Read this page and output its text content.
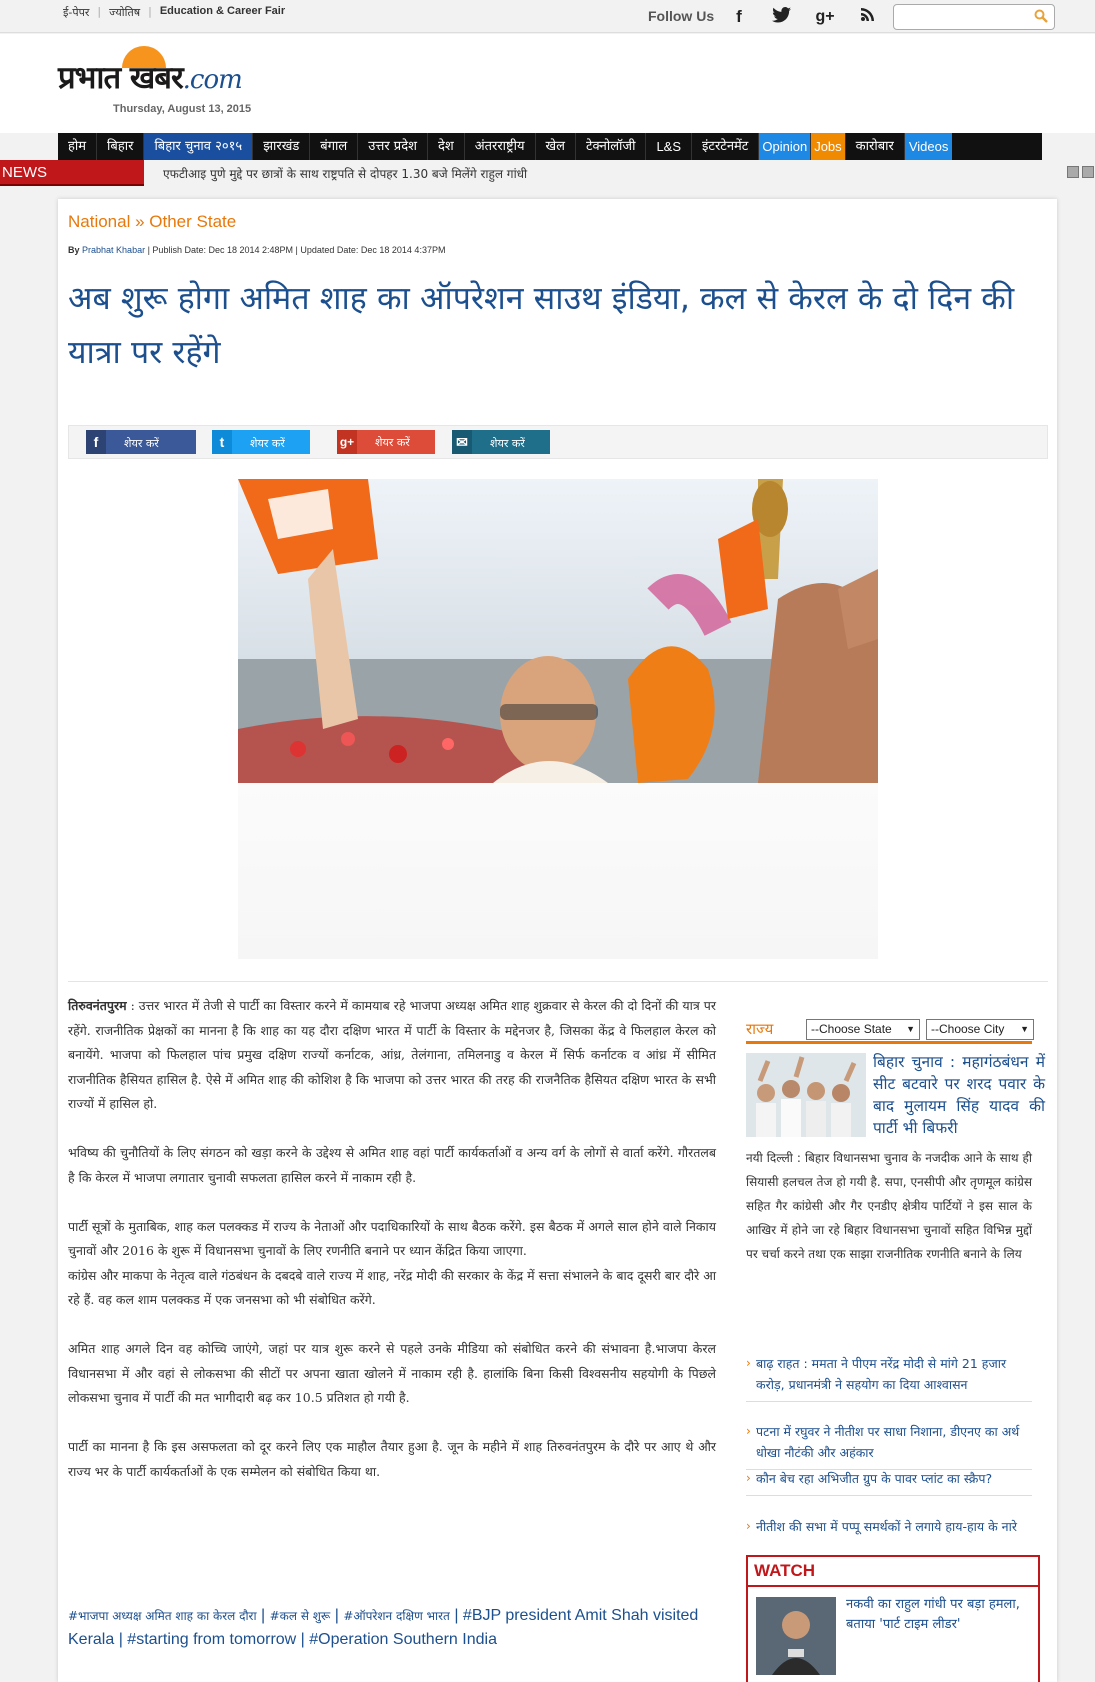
ई-पेपर | ज्योतिष | Education & Career Fair	Follow Us	f	g+
प्रभात खबर.com
Thursday, August 13, 2015
होम	बिहार	बिहार चुनाव २०१५	झारखंड	बंगाल	उत्तर प्रदेश	देश	अंतरराष्ट्रीय	खेल	टेक्नोलॉजी	L&S	इंटरटेनमेंट	Opinion Jobs	कारोबार	Videos
NEWS	एफटीआइ पुणे मुद्दे पर छात्रों के साथ राष्ट्रपति से दोपहर 1.30 बजे मिलेंगे राहुल गांधी
National » Other State
By Prabhat Khabar | Publish Date: Dec 18 2014 2:48PM | Updated Date: Dec 18 2014 4:37PM
अब शुरू होगा अमित शाह का ऑपरेशन साउथ इंडिया, कल से केरल के दो दिन की यात्रा पर रहेंगे
f शेयर करें	t शेयर करें	g+ शेयर करें	✉ शेयर करें

तिरुवनंतपुरम : उत्तर भारत में तेजी से पार्टी का विस्तार करने में कामयाब रहे भाजपा अध्यक्ष अमित शाह शुक्रवार से केरल की दो दिनों की यात्र पर रहेंगे. राजनीतिक प्रेक्षकों का मानना है कि शाह का यह दौरा दक्षिण भारत में पार्टी के विस्तार के मद्देनजर है, जिसका केंद्र वे फिलहाल केरल को बनायेंगे. भाजपा को फिलहाल पांच प्रमुख दक्षिण राज्यों कर्नाटक, आंध्र, तेलंगाना, तमिलनाडु व केरल में सिर्फ कर्नाटक व आंध्र में सीमित राजनीतिक हैसियत हासिल है. ऐसे में अमित शाह की कोशिश है कि भाजपा को उत्तर भारत की तरह की राजनैतिक हैसियत दक्षिण भारत के सभी राज्यों में हासिल हो.

भविष्य की चुनौतियों के लिए संगठन को खड़ा करने के उद्देश्य से अमित शाह वहां पार्टी कार्यकर्ताओं व अन्य वर्ग के लोगों से वार्ता करेंगे. गौरतलब है कि केरल में भाजपा लगातार चुनावी सफलता हासिल करने में नाकाम रही है.

पार्टी सूत्रों के मुताबिक, शाह कल पलक्कड में राज्य के नेताओं और पदाधिकारियों के साथ बैठक करेंगे. इस बैठक में अगले साल होने वाले निकाय चुनावों और 2016 के शुरू में विधानसभा चुनावों के लिए रणनीति बनाने पर ध्यान केंद्रित किया जाएगा.

कांग्रेस और माकपा के नेतृत्व वाले गंठबंधन के दबदबे वाले राज्य में शाह, नरेंद्र मोदी की सरकार के केंद्र में सत्ता संभालने के बाद दूसरी बार दौरे आ रहे हैं. वह कल शाम पलक्कड में एक जनसभा को भी संबोधित करेंगे.

अमित शाह अगले दिन वह कोच्चि जाएंगे, जहां पर यात्र शुरू करने से पहले उनके मीडिया को संबोधित करने की संभावना है.भाजपा केरल विधानसभा में और वहां से लोकसभा की सीटों पर अपना खाता खोलने में नाकाम रही है. हालांकि बिना किसी विश्वसनीय सहयोगी के पिछले लोकसभा चुनाव में पार्टी की मत भागीदारी बढ़ कर 10.5 प्रतिशत हो गयी है.

पार्टी का मानना है कि इस असफलता को दूर करने लिए एक माहौल तैयार हुआ है. जून के महीने में शाह तिरुवनंतपुरम के दौरे पर आए थे और राज्य भर के पार्टी कार्यकर्ताओं के एक सम्मेलन को संबोधित किया था.

#भाजपा अध्यक्ष अमित शाह का केरल दौरा | #कल से शुरू | #ऑपरेशन दक्षिण भारत | #BJP president Amit Shah visited Kerala | #starting from tomorrow | #Operation Southern India
राज्य	--Choose State ▼	--Choose City ▼
बिहार चुनाव : महागंठबंधन में सीट बटवारे पर शरद पवार के बाद मुलायम सिंह यादव की पार्टी भी बिफरी
नयी दिल्ली : बिहार विधानसभा चुनाव के नजदीक आने के साथ ही सियासी हलचल तेज हो गयी है. सपा, एनसीपी और तृणमूल कांग्रेस सहित गैर कांग्रेसी और गैर एनडीए क्षेत्रीय पार्टियों ने इस साल के आखिर में होने जा रहे बिहार विधानसभा चुनावों सहित विभिन्न मुद्दों पर चर्चा करने तथा एक साझा राजनीतिक रणनीति बनाने के लिय
› बाढ़ राहत : ममता ने पीएम नरेंद्र मोदी से मांगे 21 हजार करोड़, प्रधानमंत्री ने सहयोग का दिया आश्वासन
› पटना में रघुवर ने नीतीश पर साधा निशाना, डीएनए का अर्थ धोखा नौटंकी और अहंकार
› कौन बेच रहा अभिजीत ग्रुप के पावर प्लांट का स्क्रैप?
› नीतीश की सभा में पप्पू समर्थकों ने लगाये हाय-हाय के नारे
WATCH
नकवी का राहुल गांधी पर बड़ा हमला, बताया 'पार्ट टाइम लीडर'
